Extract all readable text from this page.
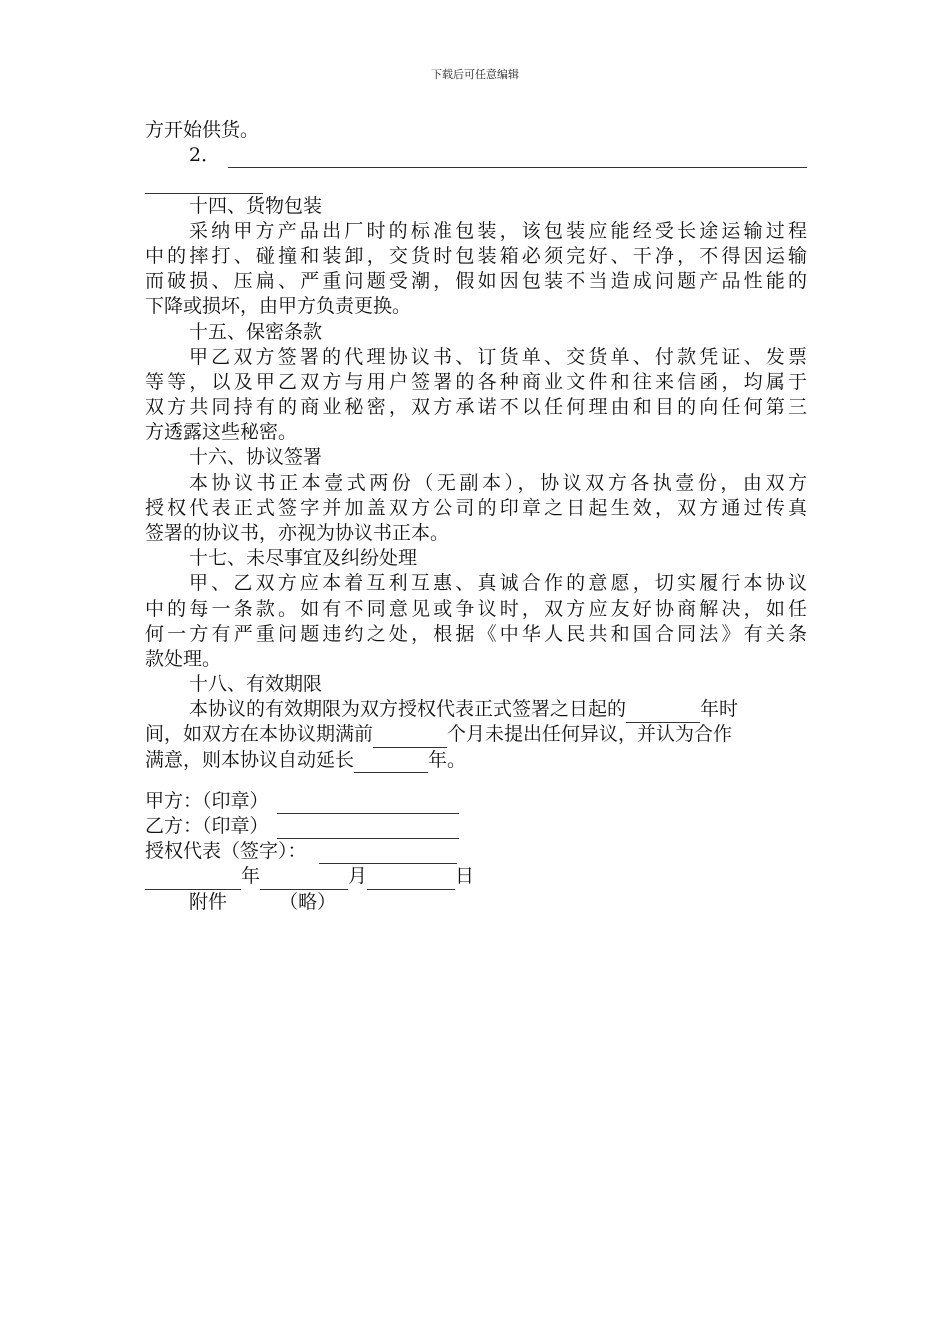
下载后可任意编辑
方开始供货。
2．
十四、货物包装
采纳甲方产品出厂时的标准包装，该包装应能经受长途运输过程
中的摔打、碰撞和装卸，交货时包装箱必须完好、干净，不得因运输
而破损、压扁、严重问题受潮，假如因包装不当造成问题产品性能的
下降或损坏，由甲方负责更换。
十五、保密条款
甲乙双方签署的代理协议书、订货单、交货单、付款凭证、发票
等等，以及甲乙双方与用户签署的各种商业文件和往来信函，均属于
双方共同持有的商业秘密，双方承诺不以任何理由和目的向任何第三
方透露这些秘密。
十六、协议签署
本协议书正本壹式两份（无副本），协议双方各执壹份，由双方
授权代表正式签字并加盖双方公司的印章之日起生效，双方通过传真
签署的协议书，亦视为协议书正本。
十七、未尽事宜及纠纷处理
甲、乙双方应本着互利互惠、真诚合作的意愿，切实履行本协议
中的每一条款。如有不同意见或争议时，双方应友好协商解决，如任
何一方有严重问题违约之处，根据《中华人民共和国合同法》有关条
款处理。
十八、有效期限
本协议的有效期限为双方授权代表正式签署之日起的	年时
间，如双方在本协议期满前	个月未提出任何异议，并认为合作
满意，则本协议自动延长	年。
甲方：（印章）
乙方：（印章）
授权代表（签字）：
年	月	日
附件	（略）
